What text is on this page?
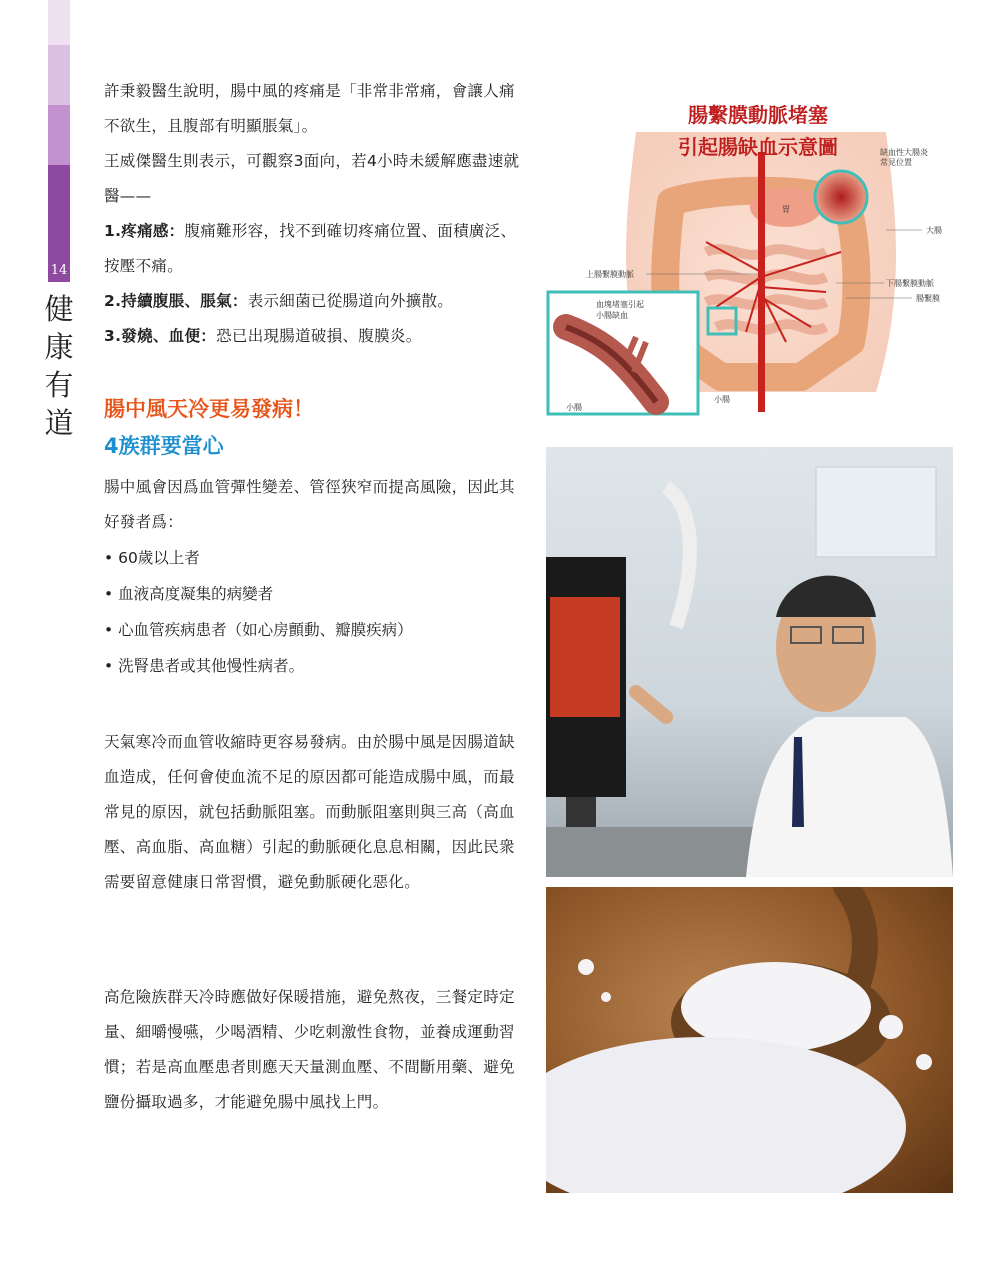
14
健
康
有
道

許秉毅醫生說明，腸中風的疼痛是「非常非常痛，會讓人痛不欲生，且腹部有明顯脹氣」。

王威傑醫生則表示，可觀察3面向，若4小時未緩解應盡速就醫——

1.疼痛感：腹痛難形容，找不到確切疼痛位置、面積廣泛、按壓不痛。
2.持續腹脹、脹氣：表示細菌已從腸道向外擴散。
3.發燒、血便：恐已出現腸道破損、腹膜炎。
腸中風天冷更易發病！
4族群要當心
腸中風會因爲血管彈性變差、管徑狹窄而提高風險，因此其好發者爲：
• 60歲以上者
• 血液高度凝集的病變者
• 心血管疾病患者（如心房顫動、瓣膜疾病）
• 洗腎患者或其他慢性病者。
天氣寒冷而血管收縮時更容易發病。由於腸中風是因腸道缺血造成，任何會使血流不足的原因都可能造成腸中風，而最常見的原因，就包括動脈阻塞。而動脈阻塞則與三高（高血壓、高血脂、高血糖）引起的動脈硬化息息相關，因此民衆需要留意健康日常習慣，避免動脈硬化惡化。
高危險族群天冷時應做好保暖措施，避免熬夜，三餐定時定量、細嚼慢嚥，少喝酒精、少吃刺激性食物，並養成運動習慣；若是高血壓患者則應天天量測血壓、不間斷用藥、避免鹽份攝取過多，才能避免腸中風找上門。
腸繫膜動脈堵塞
引起腸缺血示意圖	缺血性大腸炎常見位置
大腸
胃
上腸繫膜動脈
下腸繫膜動脈
腸繫膜
血塊堵塞引起小腸缺血
小腸
小腸
